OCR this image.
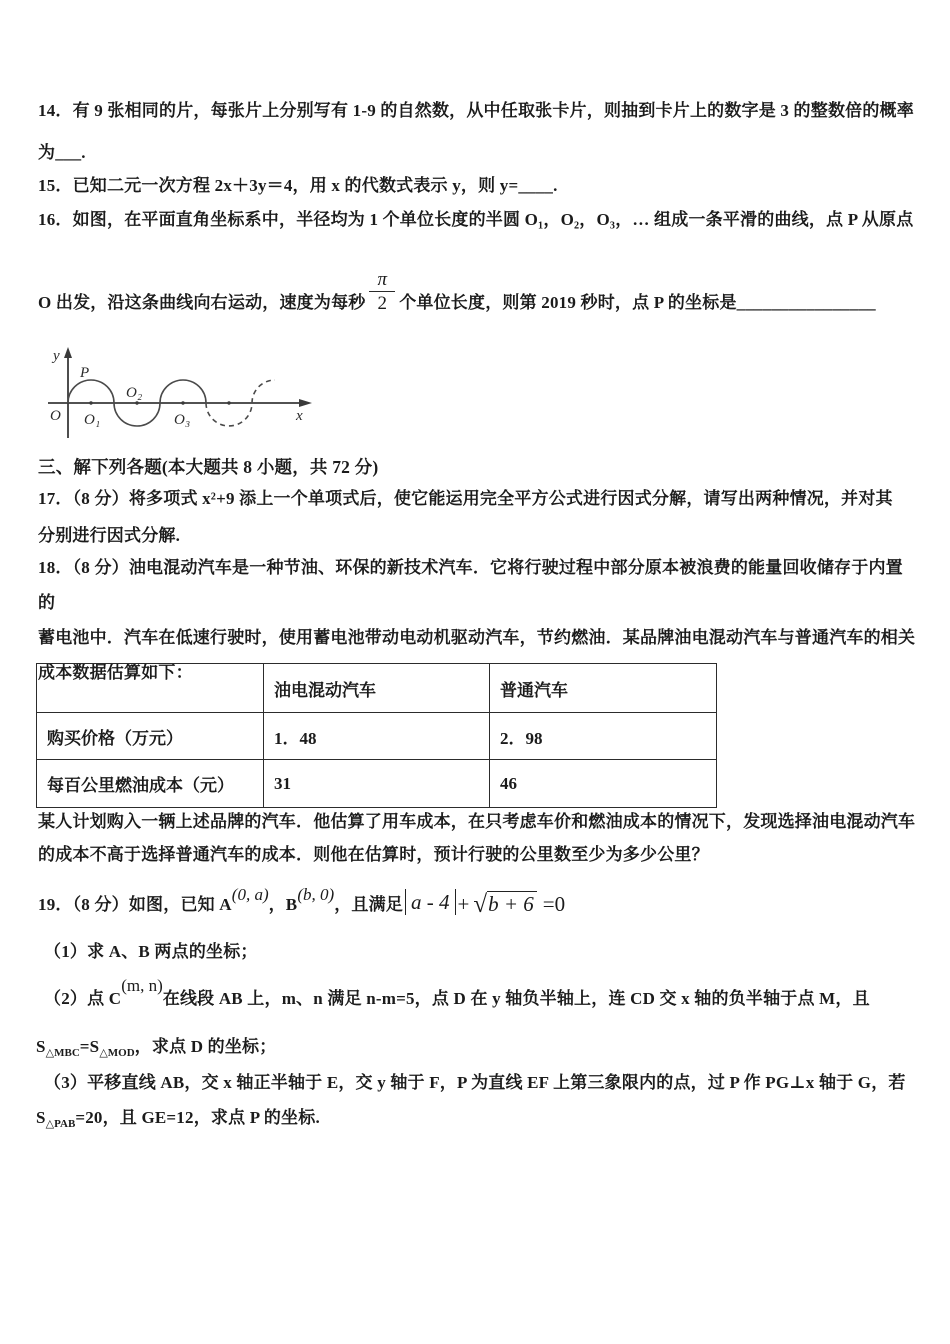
14．有 9 张相同的片，每张片上分别写有 1-9 的自然数，从中任取张卡片，则抽到卡片上的数字是 3 的整数倍的概率
为___.
15．已知二元一次方程 2x＋3y＝4，用 x 的代数式表示 y，则 y=____.
16．如图，在平面直角坐标系中，半径均为 1 个单位长度的半圆 O₁，O₂，O₃，… 组成一条平滑的曲线，点 P 从原点
O 出发，沿这条曲线向右运动，速度为每秒 $\frac{\pi}{2}$ 个单位长度，则第 2019 秒时，点 P 的坐标是________________
y
P
O O₁
O₂
O₃	x
三、解下列各题(本大题共 8 小题，共 72 分)
17．（8 分）将多项式 x²+9 添上一个单项式后，使它能运用完全平方公式进行因式分解，请写出两种情况，并对其
分别进行因式分解.
18．（8 分）油电混动汽车是一种节油、环保的新技术汽车．它将行驶过程中部分原本被浪费的能量回收储存于内置的
蓄电池中．汽车在低速行驶时，使用蓄电池带动电动机驱动汽车，节约燃油．某品牌油电混动汽车与普通汽车的相关
成本数据估算如下：
	油电混动汽车	普通汽车
购买价格（万元）	1．48	2．98
每百公里燃油成本（元）	31	46
某人计划购入一辆上述品牌的汽车．他估算了用车成本，在只考虑车价和燃油成本的情况下，发现选择油电混动汽车
的成本不高于选择普通汽车的成本．则他在估算时，预计行驶的公里数至少为多少公里？
19．（8 分）如图，已知 A
(0, a)
，B
(b, 0)
，且满足 a - 4 + √ b + 6 =0
（1）求 A、B 两点的坐标；
（2）点 C
(m, n)
在线段 AB 上，m、n 满足 n-m=5，点 D 在 y 轴负半轴上，连 CD 交 x 轴的负半轴于点 M，且
$S_{\triangle MBC}=S_{\triangle MOD}$，求点 D 的坐标；
（3）平移直线 AB，交 x 轴正半轴于 E，交 y 轴于 F，P 为直线 EF 上第三象限内的点，过 P 作 PG⊥x 轴于 G，若
$S_{\triangle PAB}=20$，且 GE=12，求点 P 的坐标.
